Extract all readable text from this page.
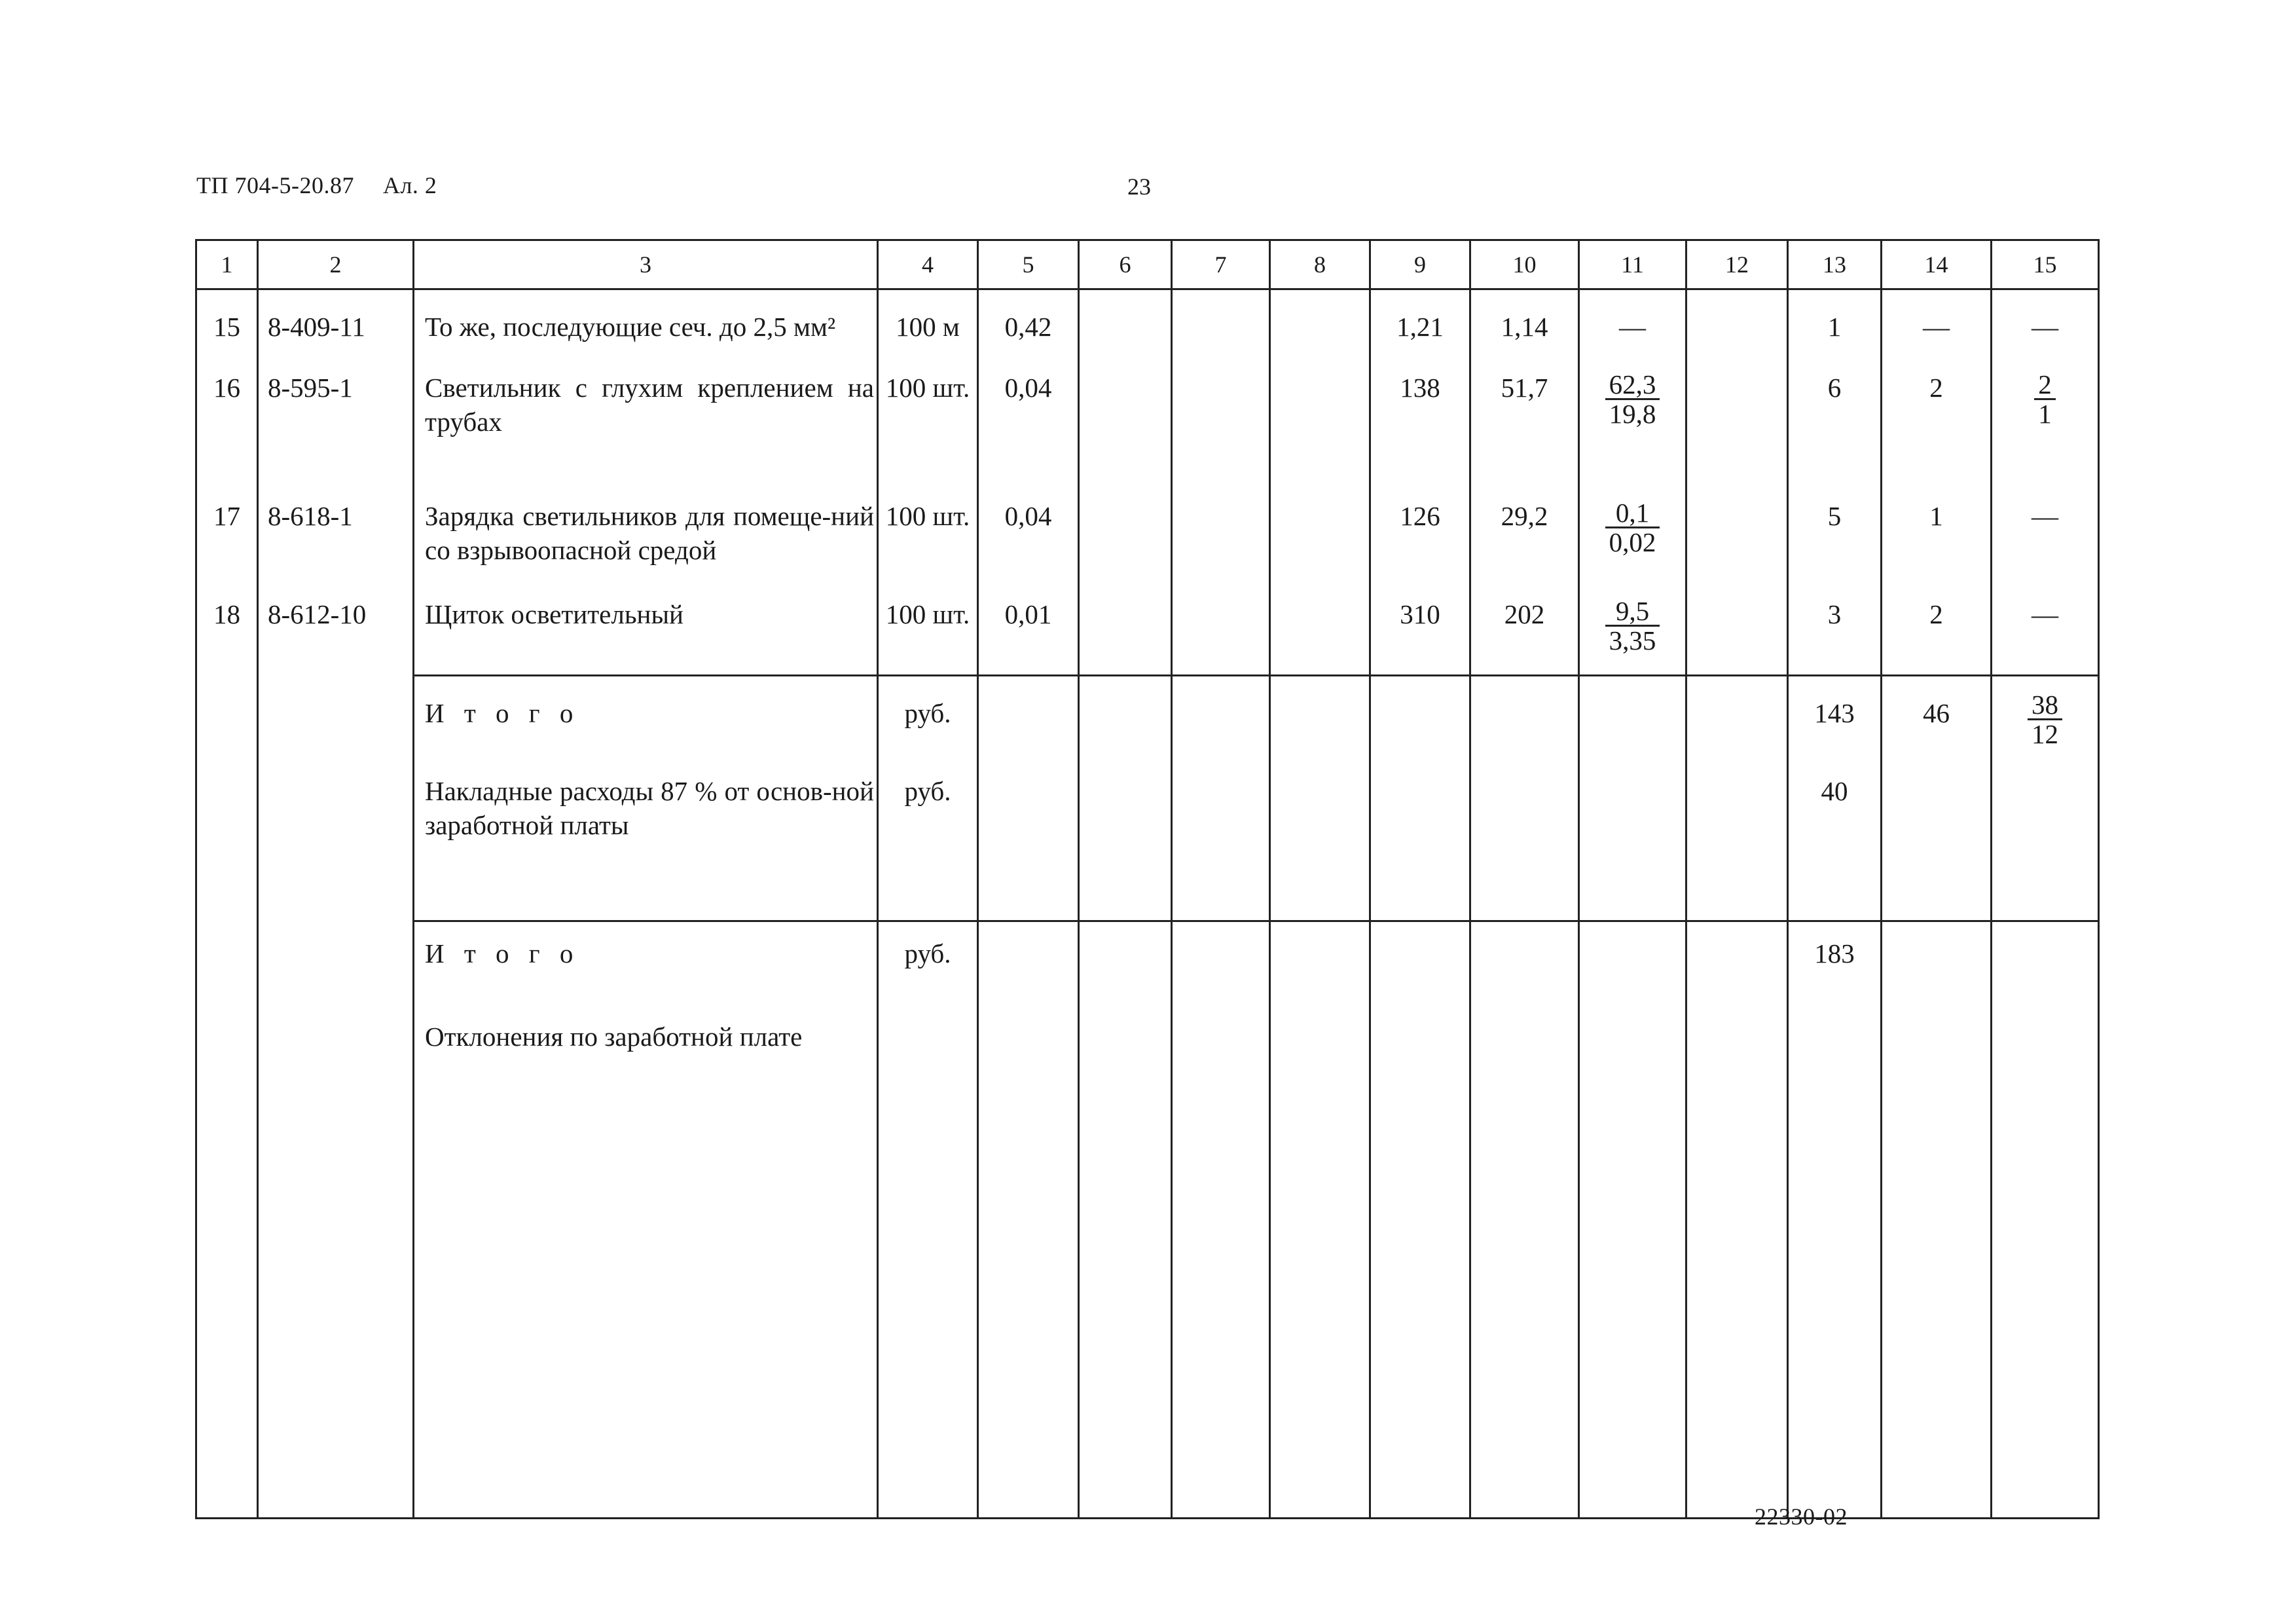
ТП 704-5-20.87 Ал. 2	23
1	2	3	4	5	6	7	8	9	10	11	12	13	14	15
15	8-409-11	То же, последующие сеч. до 2,5 мм²	100 м	0,42				1,21	1,14	—		1	—	—
16	8-595-1	Светильник с глухим креплением на трубах	100 шт.	0,04				138	51,7	$\frac{62,3}{19,8}$		6	2	$\frac{2}{1}$

17	8-618-1	Зарядка светильников для помеще-ний со взрывоопасной средой	100 шт.	0,04				126	29,2	$\frac{0,1}{0,02}$		5	1	—
18	8-612-10	Щиток осветительный	100 шт.	0,01				310	202	$\frac{9,5}{3,35}$		3	2	—
		И т о г о	руб.									143	46	$\frac{38}{12}$

		Накладные расходы 87 % от основ-ной заработной платы	руб.									40		
		И т о г о	руб.									183		
		Отклонения по заработной плате												
22330-02
